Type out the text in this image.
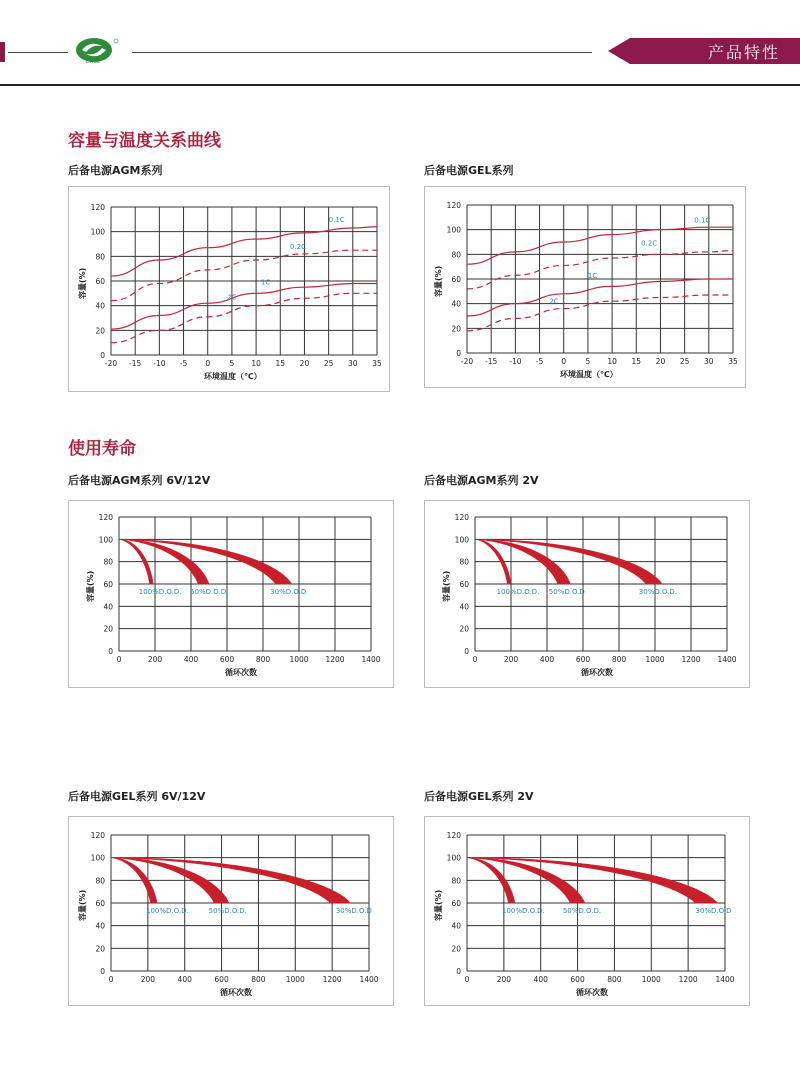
DAGE	产品特性
容量与温度关系曲线
后备电源AGM系列
-20 -15 -10 -5 0	5 10 15 20 25 30 35
0
20
40
60
80
100
120
环境温度（℃）
容量(%)
0.1C
0.2C
1C
2C
后备电源GEL系列
-20 -15 -10 -5 0	5 10 15 20 25 30 35
0
20
40
60
80
100
120
环境温度（℃）
容量(%)
0.1C
0.2C
1C
2C
使用寿命
后备电源AGM系列 6V/12V
0	200	400	600	800	1000 1200 1400
0
20
40
60
80
100
120
循环次数
容量(%)	100%D.O.D. 50%D.O.D	30%D.O.D
后备电源AGM系列 2V
0	200	400	600	800	1000 1200 1400
0
20
40
60
80
100
120
循环次数
容量(%)	100%D.O.D. 50%D.O.D	30%D.O.D.
后备电源GEL系列 6V/12V
0	200	400	600	800	1000 1200 1400
0
20
40
60
80
100
120
循环次数
容量(%)	100%D.O.D.	50%D.O.D.	30%D.O.D
后备电源GEL系列 2V
0	200	400	600	800	1000 1200 1400
0
20
40
60
80
100
120
循环次数
容量(%)	100%D.O.D.	50%D.O.D.	30%D.O.D
